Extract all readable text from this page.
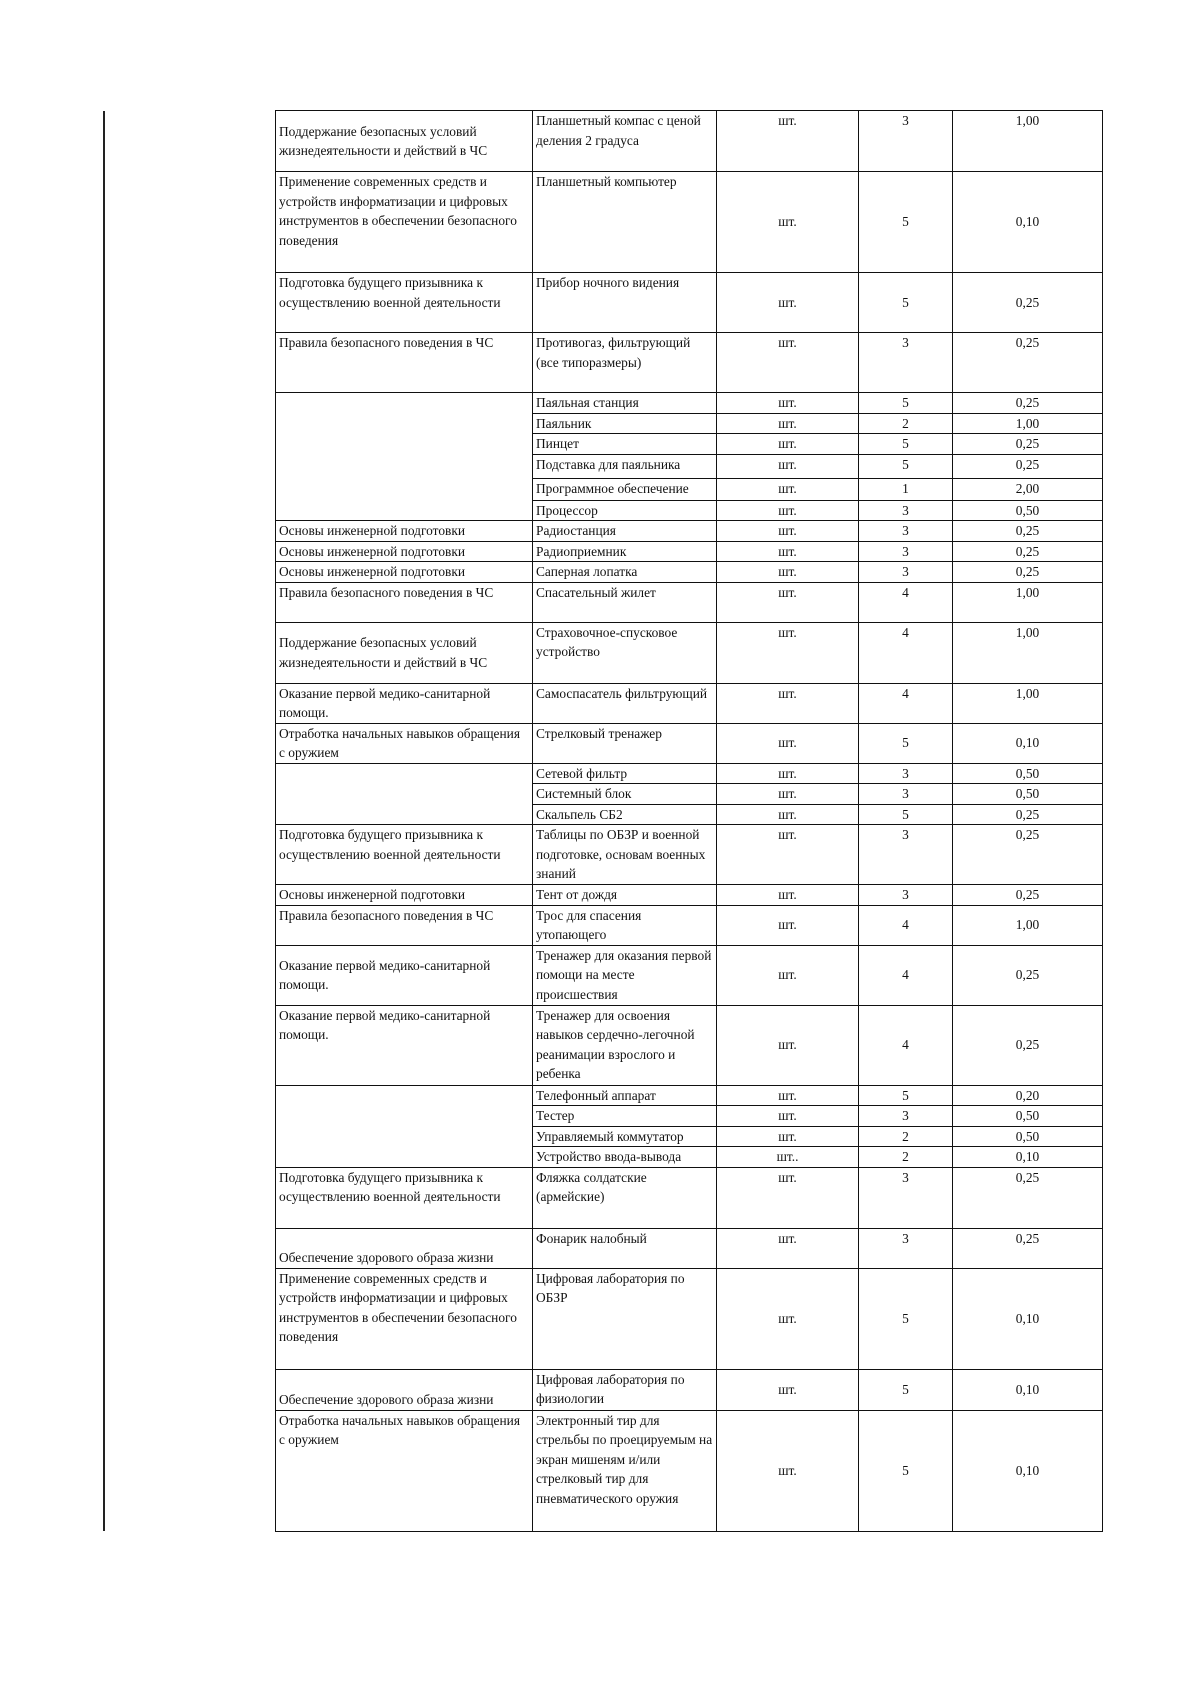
Поддержание безопасных условий жизнедеятельности и действий в ЧС	Планшетный компас с ценой деления 2 градуса	шт.	3	1,00
Применение современных средств и устройств информатизации и цифровых инструментов в обеспечении безопасного поведения	Планшетный компьютер	шт.	5	0,10
Подготовка будущего призывника к осуществлению военной деятельности	Прибор ночного видения	шт.	5	0,25
Правила безопасного поведения в ЧС	Противогаз, фильтрующий (все типоразмеры)	шт.	3	0,25
	Паяльная станция	шт.	5	0,25
	Паяльник	шт.	2	1,00
	Пинцет	шт.	5	0,25
	Подставка для паяльника	шт.	5	0,25
	Программное обеспечение	шт.	1	2,00
	Процессор	шт.	3	0,50
Основы инженерной подготовки	Радиостанция	шт.	3	0,25
Основы инженерной подготовки	Радиоприемник	шт.	3	0,25
Основы инженерной подготовки	Саперная лопатка	шт.	3	0,25
Правила безопасного поведения в ЧС	Спасательный жилет	шт.	4	1,00
Поддержание безопасных условий жизнедеятельности и действий в ЧС	Страховочное-спусковое устройство	шт.	4	1,00
Оказание первой медико-санитарной помощи.	Самоспасатель фильтрующий	шт.	4	1,00
Отработка начальных навыков обращения с оружием	Стрелковый тренажер	шт.	5	0,10
	Сетевой фильтр	шт.	3	0,50
	Системный блок	шт.	3	0,50
	Скальпель СБ2	шт.	5	0,25
Подготовка будущего призывника к осуществлению военной деятельности	Таблицы по ОБЗР и военной подготовке, основам военных знаний	шт.	3	0,25
Основы инженерной подготовки	Тент от дождя	шт.	3	0,25
Правила безопасного поведения в ЧС	Трос для спасения утопающего	шт.	4	1,00
Оказание первой медико-санитарной помощи.	Тренажер для оказания первой помощи на месте происшествия	шт.	4	0,25
Оказание первой медико-санитарной помощи.	Тренажер для освоения навыков сердечно-легочной реанимации взрослого и ребенка	шт.	4	0,25
	Телефонный аппарат	шт.	5	0,20
	Тестер	шт.	3	0,50
	Управляемый коммутатор	шт.	2	0,50
	Устройство ввода-вывода	шт..	2	0,10
Подготовка будущего призывника к осуществлению военной деятельности	Фляжка солдатские (армейские)	шт.	3	0,25
Обеспечение здорового образа жизни	Фонарик налобный	шт.	3	0,25
Применение современных средств и устройств информатизации и цифровых инструментов в обеспечении безопасного поведения	Цифровая лаборатория по ОБЗР	шт.	5	0,10
Обеспечение здорового образа жизни	Цифровая лаборатория по физиологии	шт.	5	0,10
Отработка начальных навыков обращения с оружием	Электронный тир для стрельбы по проецируемым на экран мишеням и/или стрелковый тир для пневматического оружия	шт.	5	0,10
